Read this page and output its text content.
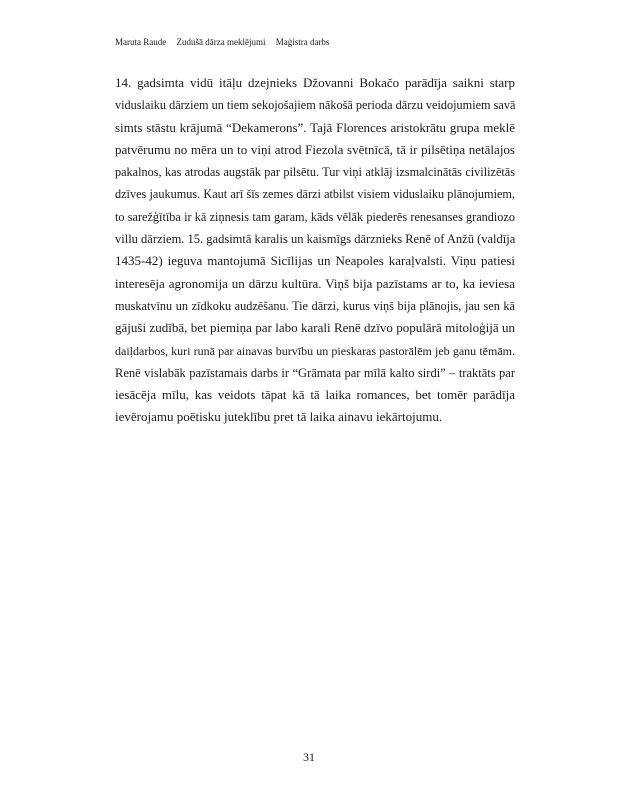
Maruta Raude Zudušā dārza meklējumi Maģistra darbs
14. gadsimta vidū itāļu dzejnieks Džovanni Bokačo parādīja saikni starp
viduslaiku dārziem un tiem sekojošajiem nākošā perioda dārzu veidojumiem savā
simts stāstu krājumā “Dekamerons”. Tajā Florences aristokrātu grupa meklē
patvērumu no mēra un to viņi atrod Fiezola svētnīcā, tā ir pilsētiņa netālajos
pakalnos, kas atrodas augstāk par pilsētu. Tur viņi atklāj izsmalcinātās civilizētās
dzīves jaukumus. Kaut arī šīs zemes dārzi atbilst visiem viduslaiku plānojumiem,
to sarežģītība ir kā ziņnesis tam garam, kāds vēlāk piederēs renesanses grandiozo
villu dārziem. 15. gadsimtā karalis un kaismīgs dārznieks Renē of Anžū (valdīja
1435-42) ieguva mantojumā Sicīlijas un Neapoles karaļvalsti. Viņu patiesi
interesēja agronomija un dārzu kultūra. Viņš bija pazīstams ar to, ka ieviesa
muskatvīnu un zīdkoku audzēšanu. Tie dārzi, kurus viņš bija plānojis, jau sen kā
gājuši zudībā, bet piemiņa par labo karali Renē dzīvo populārā mitoloģijā un
daiļdarbos, kuri runā par ainavas burvību un pieskaras pastorālēm jeb ganu tēmām.
Renē vislabāk pazīstamais darbs ir “Grāmata par mīlā kalto sirdi” – traktāts par
iesācēja mīlu, kas veidots tāpat kā tā laika romances, bet tomēr parādīja
ievērojamu poētisku juteklību pret tā laika ainavu iekārtojumu.
31
